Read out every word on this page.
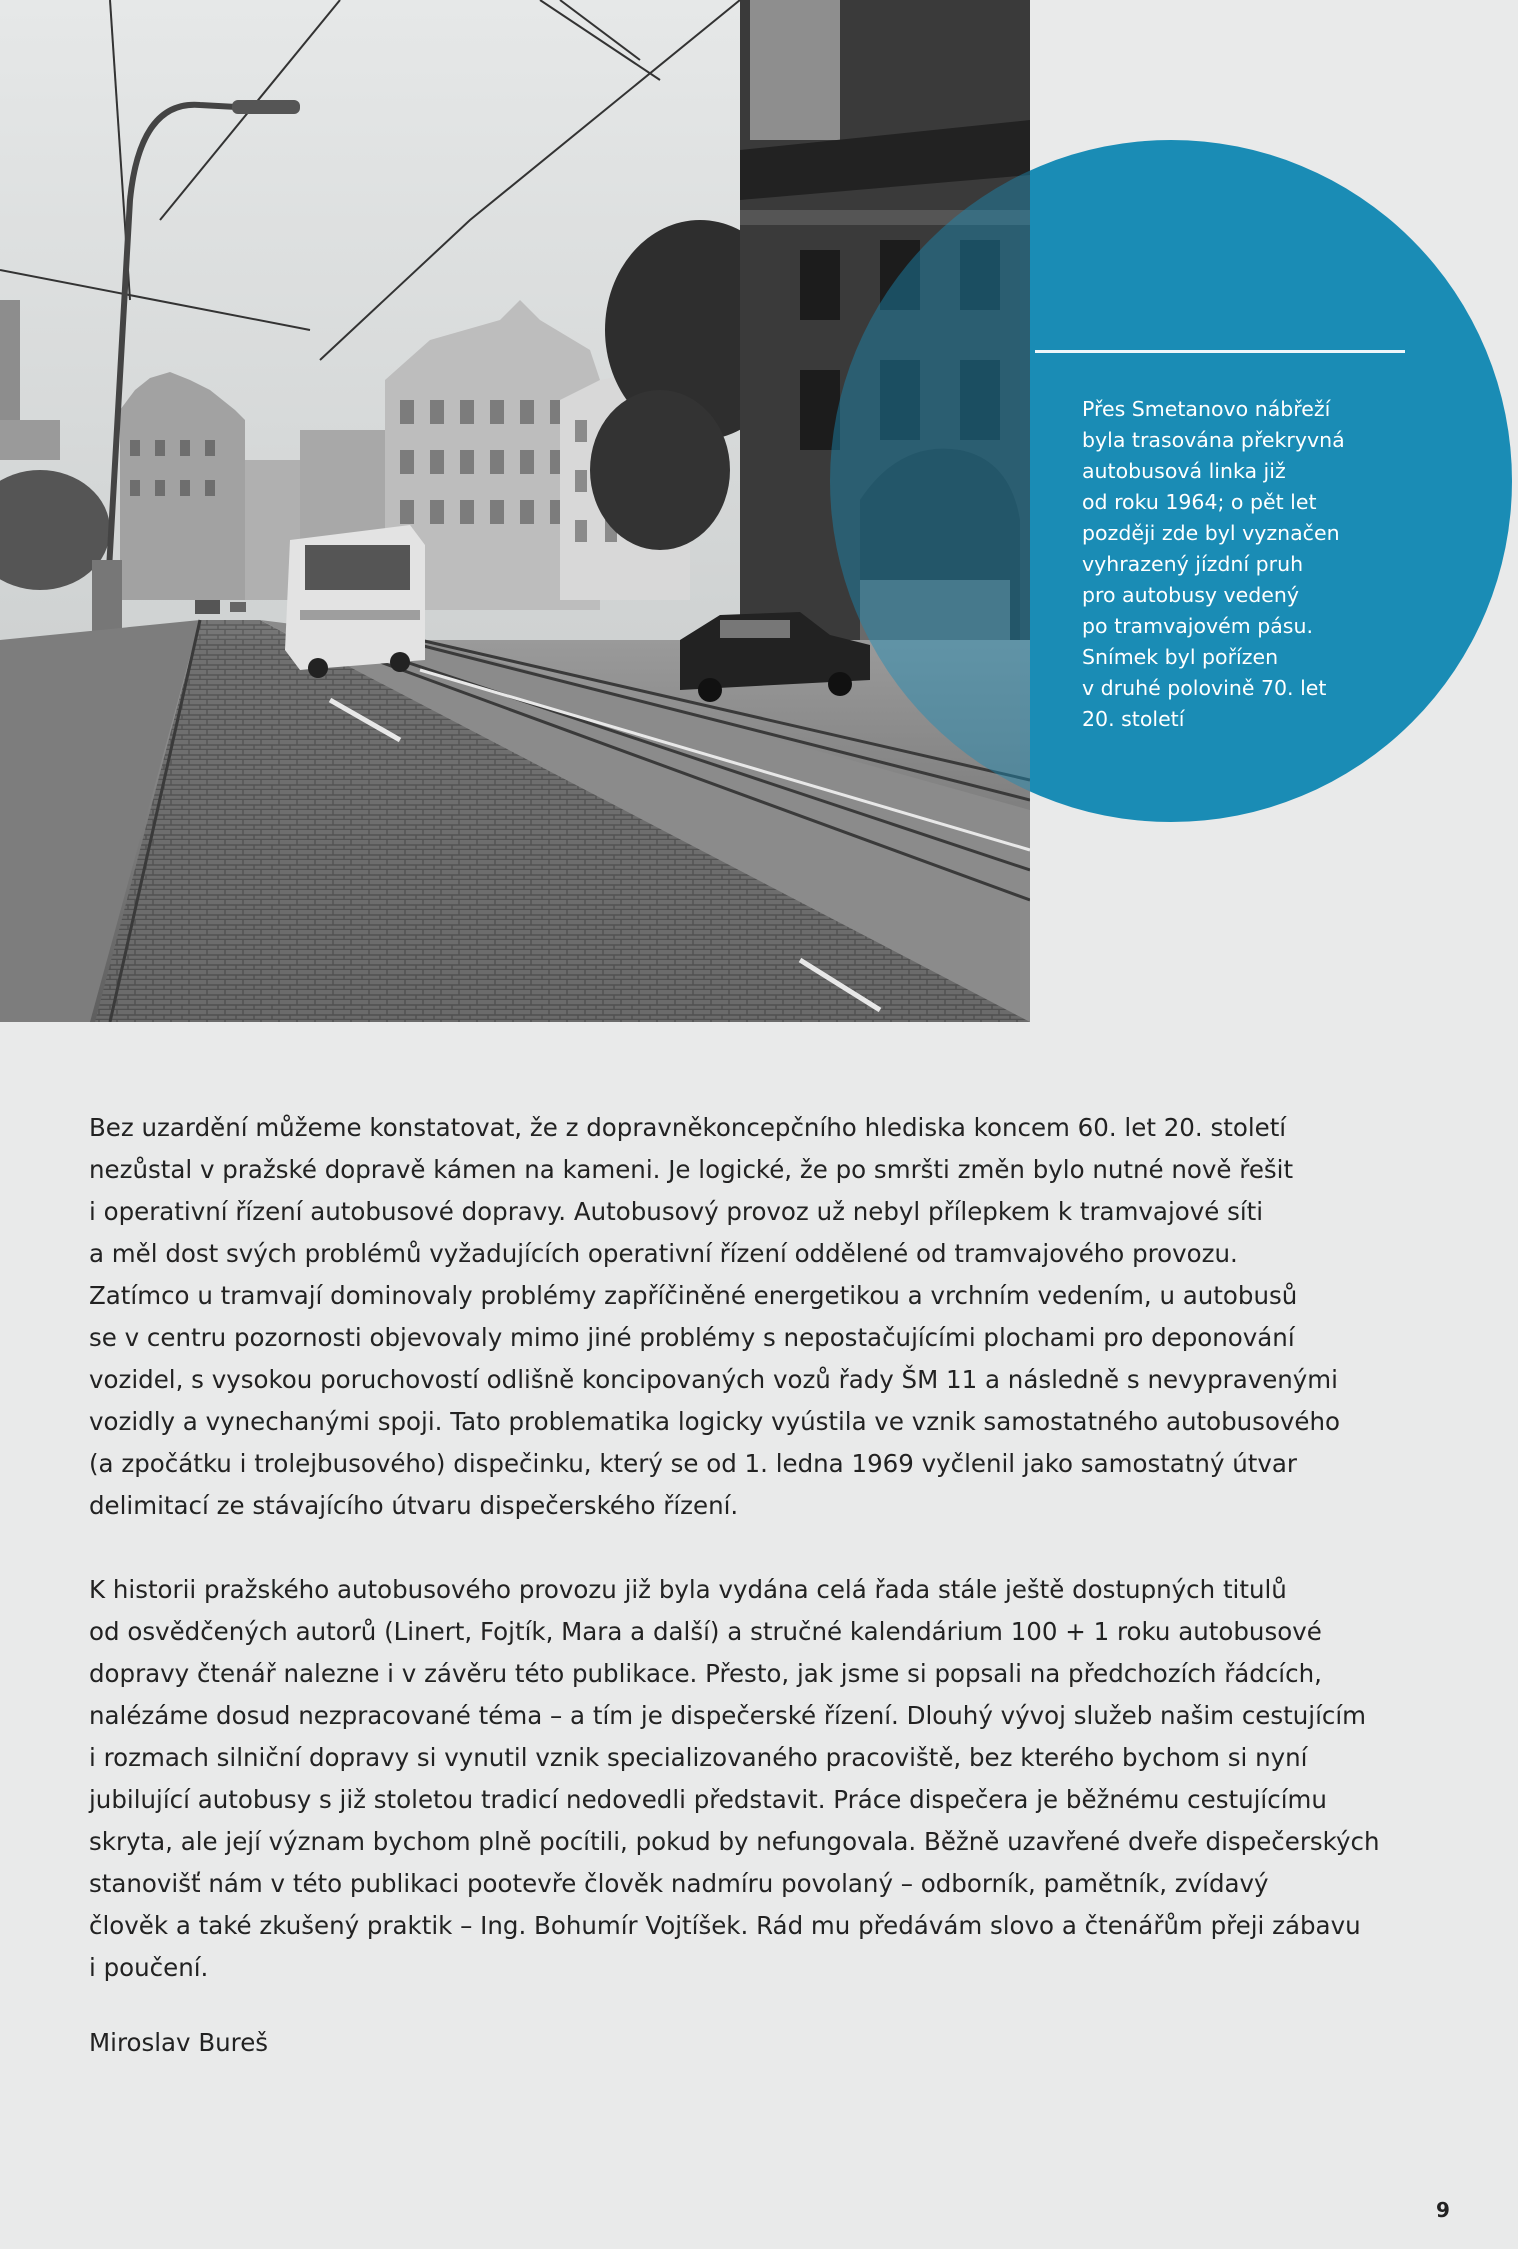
Přes Smetanovo nábřeží
byla trasována překryvná
autobusová linka již
od roku 1964; o pět let
později zde byl vyznačen
vyhrazený jízdní pruh
pro autobusy vedený
po tramvajovém pásu.
Snímek byl pořízen
v druhé polovině 70. let
20. století

Bez uzardění můžeme konstatovat, že z dopravněkoncepčního hlediska koncem 60. let 20. století
nezůstal v pražské dopravě kámen na kameni. Je logické, že po smršti změn bylo nutné nově řešit
i operativní řízení autobusové dopravy. Autobusový provoz už nebyl přílepkem k tramvajové síti
a měl dost svých problémů vyžadujících operativní řízení oddělené od tramvajového provozu.
Zatímco u tramvají dominovaly problémy zapříčiněné energetikou a vrchním vedením, u autobusů
se v centru pozornosti objevovaly mimo jiné problémy s nepostačujícími plochami pro deponování
vozidel, s vysokou poruchovostí odlišně koncipovaných vozů řady ŠM 11 a následně s nevypravenými
vozidly a vynechanými spoji. Tato problematika logicky vyústila ve vznik samostatného autobusového
(a zpočátku i trolejbusového) dispečinku, který se od 1. ledna 1969 vyčlenil jako samostatný útvar
delimitací ze stávajícího útvaru dispečerského řízení.

K historii pražského autobusového provozu již byla vydána celá řada stále ještě dostupných titulů
od osvědčených autorů (Linert, Fojtík, Mara a další) a stručné kalendárium 100 + 1 roku autobusové
dopravy čtenář nalezne i v závěru této publikace. Přesto, jak jsme si popsali na předchozích řádcích,
nalézáme dosud nezpracované téma – a tím je dispečerské řízení. Dlouhý vývoj služeb našim cestujícím
i rozmach silniční dopravy si vynutil vznik specializovaného pracoviště, bez kterého bychom si nyní
jubilující autobusy s již stoletou tradicí nedovedli představit. Práce dispečera je běžnému cestujícímu
skryta, ale její význam bychom plně pocítili, pokud by nefungovala. Běžně uzavřené dveře dispečerských
stanovišť nám v této publikaci pootevře člověk nadmíru povolaný – odborník, pamětník, zvídavý
člověk a také zkušený praktik – Ing. Bohumír Vojtíšek. Rád mu předávám slovo a čtenářům přeji zábavu
i poučení.

Miroslav Bureš
9
